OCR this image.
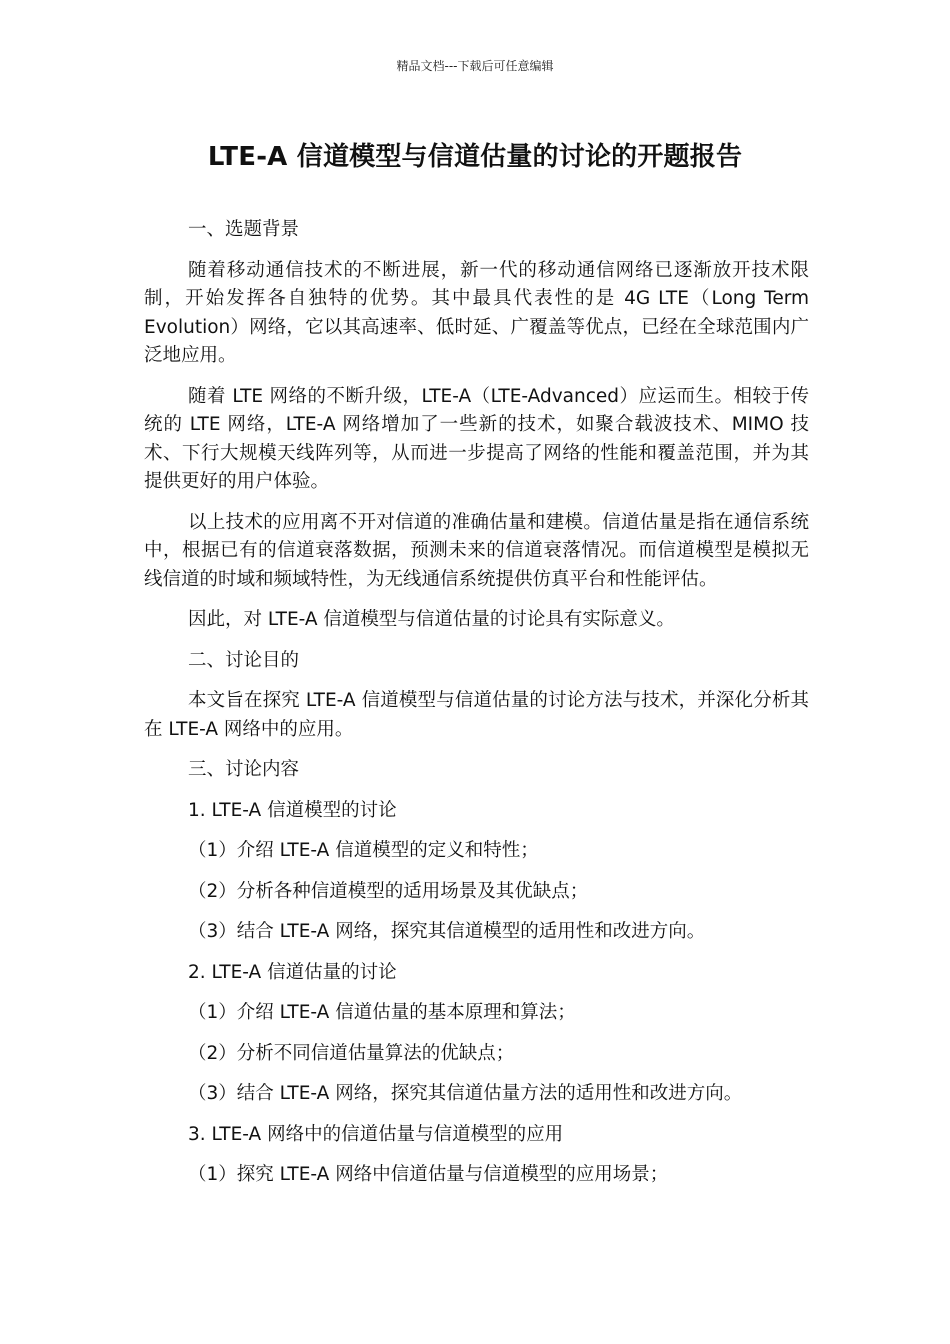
精品文档---下载后可任意编辑
LTE-A 信道模型与信道估量的讨论的开题报告
一、选题背景

随着移动通信技术的不断进展，新一代的移动通信网络已逐渐放开技术限制，开始发挥各自独特的优势。其中最具代表性的是 4G LTE（Long Term Evolution）网络，它以其高速率、低时延、广覆盖等优点，已经在全球范围内广泛地应用。

随着 LTE 网络的不断升级，LTE-A（LTE-Advanced）应运而生。相较于传统的 LTE 网络，LTE-A 网络增加了一些新的技术，如聚合载波技术、MIMO 技术、下行大规模天线阵列等，从而进一步提高了网络的性能和覆盖范围，并为其提供更好的用户体验。

以上技术的应用离不开对信道的准确估量和建模。信道估量是指在通信系统中，根据已有的信道衰落数据，预测未来的信道衰落情况。而信道模型是模拟无线信道的时域和频域特性，为无线通信系统提供仿真平台和性能评估。

因此，对 LTE-A 信道模型与信道估量的讨论具有实际意义。

二、讨论目的

本文旨在探究 LTE-A 信道模型与信道估量的讨论方法与技术，并深化分析其在 LTE-A 网络中的应用。

三、讨论内容
1. LTE-A 信道模型的讨论
（1）介绍 LTE-A 信道模型的定义和特性；
（2）分析各种信道模型的适用场景及其优缺点；
（3）结合 LTE-A 网络，探究其信道模型的适用性和改进方向。
2. LTE-A 信道估量的讨论
（1）介绍 LTE-A 信道估量的基本原理和算法；
（2）分析不同信道估量算法的优缺点；
（3）结合 LTE-A 网络，探究其信道估量方法的适用性和改进方向。
3. LTE-A 网络中的信道估量与信道模型的应用
（1）探究 LTE-A 网络中信道估量与信道模型的应用场景；
